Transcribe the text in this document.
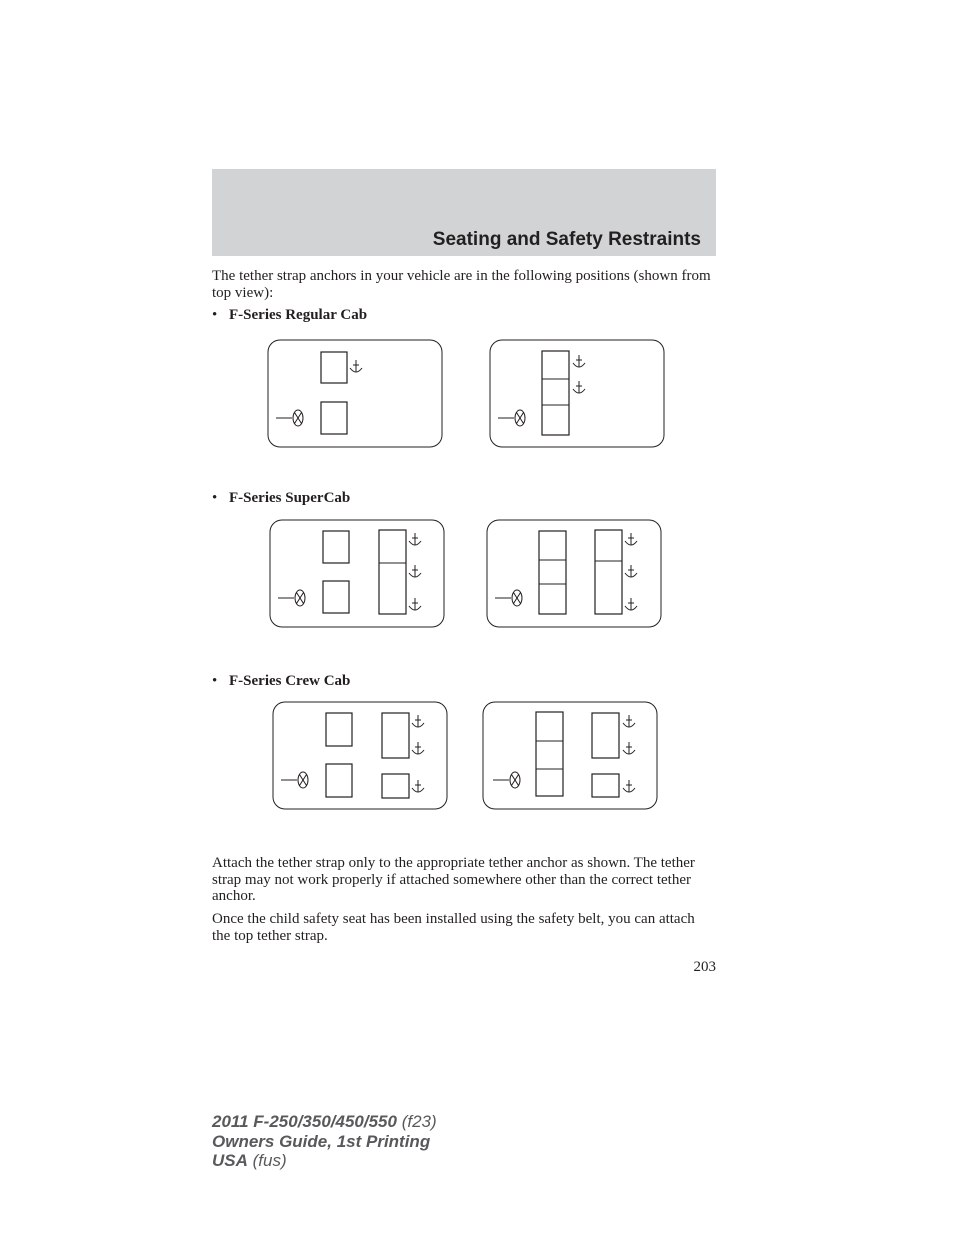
Seating and Safety Restraints

The tether strap anchors in your vehicle are in the following positions (shown from top view):

• F-Series Regular Cab

• F-Series SuperCab

• F-Series Crew Cab

Attach the tether strap only to the appropriate tether anchor as shown. The tether strap may not work properly if attached somewhere other than the correct tether anchor.

Once the child safety seat has been installed using the safety belt, you can attach the top tether strap.

203

2011 F-250/350/450/550 (f23)
Owners Guide, 1st Printing
USA (fus)
